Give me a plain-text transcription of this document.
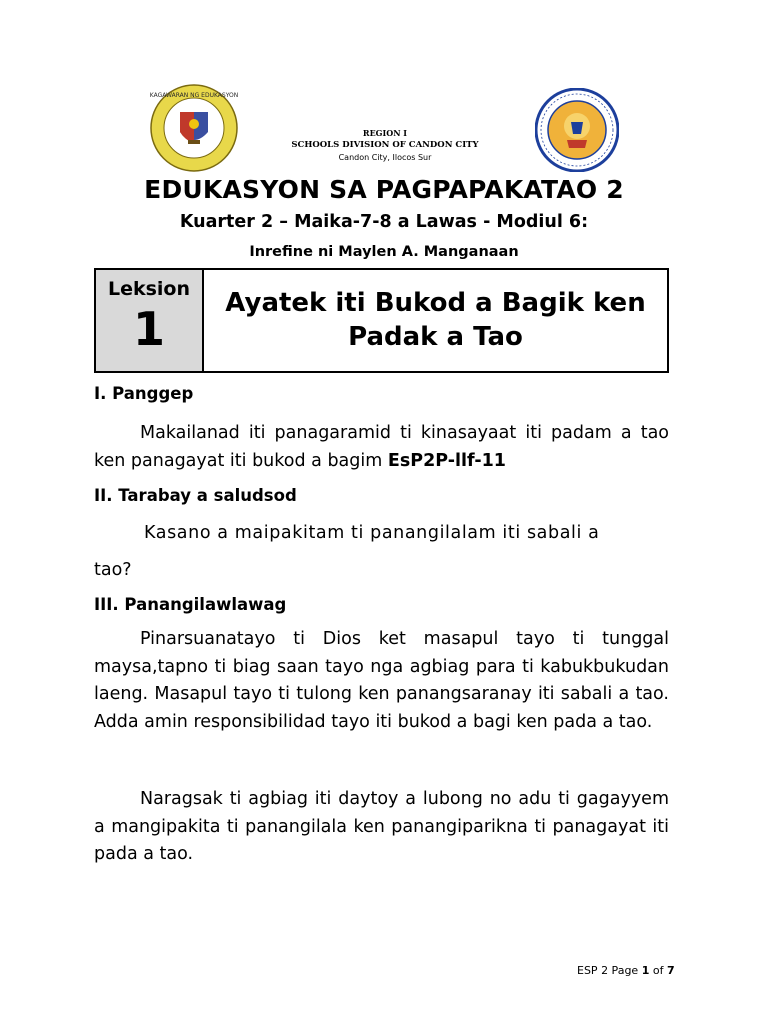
KAGAWARAN NG EDUKASYON
REGION I
SCHOOLS DIVISION OF CANDON CITY
Candon City, Ilocos Sur
EDUKASYON SA PAGPAPAKATAO 2
Kuarter 2 – Maika-7-8 a Lawas - Modiul 6:
Inrefine ni Maylen A. Manganaan
Leksion
1	Ayatek iti Bukod a Bagik ken
Padak a Tao
I. Panggep
Makailanad iti panagaramid ti kinasayaat iti padam a tao ken panagayat iti bukod a bagim EsP2P-llf-11
II. Tarabay a saludsod
Kasano a maipakitam ti panangilalam iti sabali a
tao?
III. Panangilawlawag
Pinarsuanatayo ti Dios ket masapul tayo ti tunggal maysa,tapno ti biag saan tayo nga agbiag para ti kabukbukudan laeng. Masapul tayo ti tulong ken panangsaranay iti sabali a tao. Adda amin responsibilidad tayo iti bukod a bagi ken pada a tao.
Naragsak ti agbiag iti daytoy a lubong no adu ti gagayyem a mangipakita ti panangilala ken panangiparikna ti panagayat iti pada a tao.
ESP 2 Page 1 of 7
